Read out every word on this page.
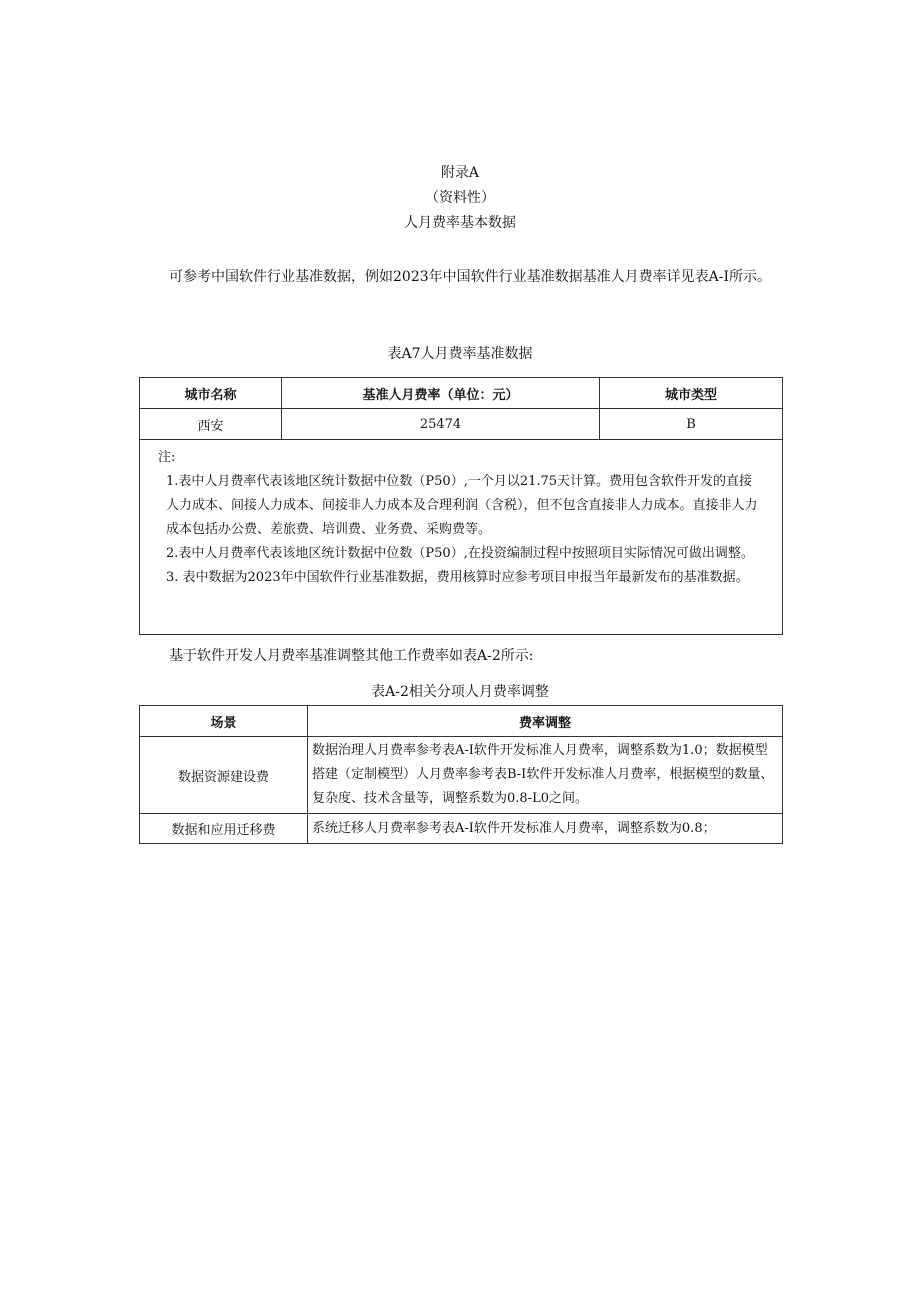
附录A
（资料性）
人月费率基本数据
可参考中国软件行业基准数据，例如2023年中国软件行业基准数据基准人月费率详见表A-I所示。
表A7人月费率基准数据
城市名称	基准人月费率（单位：元）	城市类型
西安	25474	B

注:
1.表中人月费率代表该地区统计数据中位数（P50）,一个月以21.75天计算。费用包含软件开发的直接人力成本、间接人力成本、间接非人力成本及合理利润（含税），但不包含直接非人力成本。直接非人力成本包括办公费、差旅费、培训费、业务费、采购费等。
2.表中人月费率代表该地区统计数据中位数（P50）,在投资编制过程中按照项目实际情况可做出调整。
3. 表中数据为2023年中国软件行业基准数据，费用核算时应参考项目申报当年最新发布的基准数据。		
基于软件开发人月费率基准调整其他工作费率如表A-2所示:
表A-2相关分项人月费率调整
场景	费率调整
数据资源建设费	数据治理人月费率参考表A-I软件开发标准人月费率，调整系数为1.0；数据模型搭建（定制模型）人月费率参考表B-I软件开发标准人月费率，根据模型的数量、复杂度、技术含量等，调整系数为0.8-L0之间。
数据和应用迁移费	系统迁移人月费率参考表A-I软件开发标准人月费率，调整系数为0.8；
